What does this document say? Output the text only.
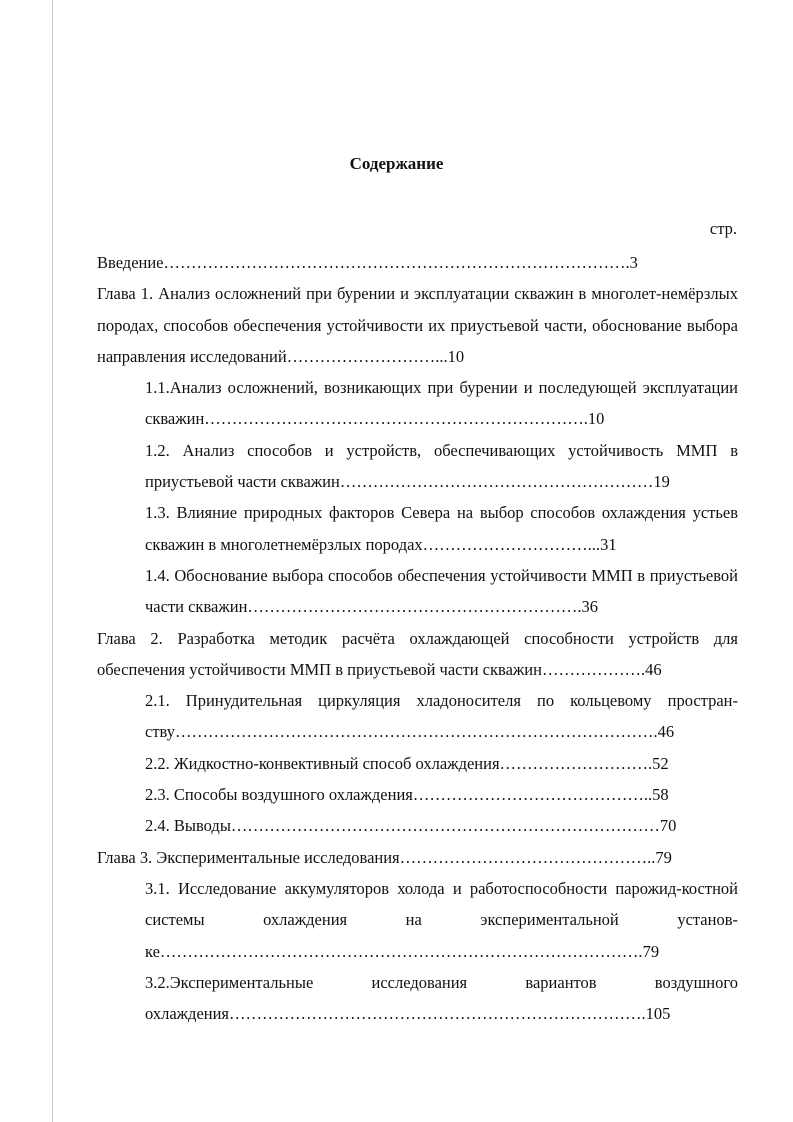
Содержание
стр.

Введение………………………………………………………………………….3

Глава 1. Анализ осложнений при бурении и эксплуатации скважин в многолет-немёрзлых породах, способов обеспечения устойчивости их приустьевой части, обоснование выбора направления исследований………………………...10

1.1.Анализ осложнений, возникающих при бурении и последующей эксплуатации скважин…………………………………………………………….10

1.2. Анализ способов и устройств, обеспечивающих устойчивость ММП в приустьевой части скважин…………………………………………………19

1.3. Влияние природных факторов Севера на выбор способов охлаждения устьев скважин в многолетнемёрзлых породах…………………………...31

1.4. Обоснование выбора способов обеспечения устойчивости ММП в приустьевой части скважин…………………………………………………….36

Глава 2. Разработка методик расчёта охлаждающей способности устройств для обеспечения устойчивости ММП в приустьевой части скважин……………….46

2.1. Принудительная циркуляция хладоносителя по кольцевому простран-ству…………………………………………………………………………….46

2.2. Жидкостно-конвективный способ охлаждения……………………….52

2.3. Способы воздушного охлаждения……………………………………..58

2.4. Выводы……………………………………………………………………70

Глава 3. Экспериментальные исследования………………………………………..79

3.1. Исследование аккумуляторов холода и работоспособности парожид-костной системы охлаждения на экспериментальной установ-ке…………………………………………………………………………….79

3.2.Экспериментальные исследования вариантов воздушного охлаждения………………………………………………………………….105
